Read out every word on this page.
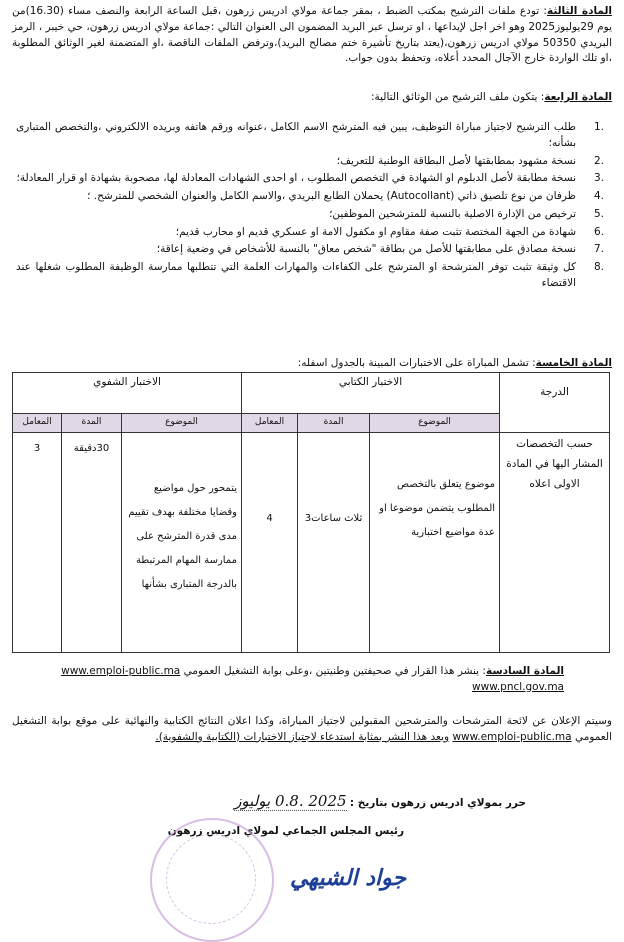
المادة الثالثة: تودع ملفات الترشيح بمكتب الضبط ، بمقر جماعة مولاي ادريس زرهون ،قبل الساعة الرابعة والنصف مساء (16.30)من يوم 29يوليوز2025 وهو اخر اجل لإيداعها ، او ترسل عبر البريد المضمون الى العنوان التالي :جماعة مولاي ادريس زرهون، حي خيبر ، الرمز البريدي 50350 مولاي ادريس زرهون،(يعتد بتاريخ تأشيرة ختم مصالح البريد)،وترفض الملفات الناقصة ،او المتضمنة لغير الوثائق المطلوبة ،او تلك الواردة خارج الآجال المحدد أعلاه، وتحفظ بدون جواب.
المادة الرابعة: يتكون ملف الترشيح من الوثائق التالية:
.1
طلب الترشيح لاجتياز مباراة التوظيف، يبين فيه المترشح الاسم الكامل ،عنوانه ورقم هاتفه وبريده الالكتروني ،والتخصص المتبارى بشأنه؛
.2
نسخة مشهود بمطابقتها لأصل البطاقة الوطنية للتعريف؛
.3
نسخة مطابقة لأصل الدبلوم او الشهادة في التخصص المطلوب ، او احدى الشهادات المعادلة لها، مصحوبة بشهادة او قرار المعادلة؛
.4
ظرفان من نوع تلصيق ذاتي (Autocollant) يحملان الطابع البريدي ،والاسم الكامل والعنوان الشخصي للمترشح. ؛
.5
ترخيص من الإدارة الاصلية بالنسبة للمترشحين الموظفين؛
.6
شهادة من الجهة المختصة تثبت صفة مقاوم او مكفول الامة او عسكري قديم او محارب قديم؛
.7
نسخة مصادق على مطابقتها للأصل من بطاقة "شخص معاق" بالنسبة للأشخاص في وضعية إعاقة؛
.8
كل وثيقة تثبت توفر المترشحة او المترشح على الكفاءات والمهارات العلمة التي تتطلبها ممارسة الوظيفة المطلوب شغلها عند الاقتضاء
المادة الخامسة: تشمل المباراة على الاختبارات المبينة بالجدول اسفله:
الدرجة	الاختبار الكتابي			الاختبار الشفوي		
	الموضوع	المدة	المعامل	الموضوع	المدة	المعامل
حسب التخصصات المشار اليها في المادة الاولى اعلاه	موضوع يتعلق بالتخصص المطلوب يتضمن موضوعا او عدة مواضيع اختبارية	ثلاث ساعات3	4	يتمحور حول مواضيع وقضايا مختلفة بهدف تقييم مدى قدرة المترشح على ممارسة المهام المرتبطة بالدرجة المتبارى بشأنها	30دقيقة	3
المادة السادسة: ينشر هذا القرار في صحيفتين وطنيتين ،وعلى بوابة التشغيل العمومي www.emploi-public.ma
www.pncl.gov.ma
وسيتم الإعلان عن لائحة المترشحات والمترشحين المقبولين لاجتياز المباراة، وكذا اعلان النتائج الكتابية والنهائية على موقع بوابة التشغيل العمومي www.emploi-public.ma ويعد هذا النشر بمثابة استدعاء لاجتياز الاختبارات (الكتابية والشفوية).
حرر بمولاي ادريس زرهون بتاريخ : 2025 .0.8 يوليوز
رئيس المجلس الجماعي لمولاي ادريس زرهون
جواد الشيهي
